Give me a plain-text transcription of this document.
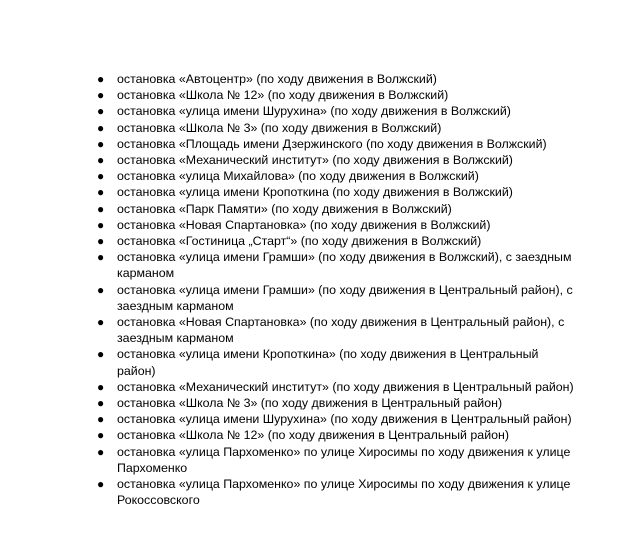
● остановка «Автоцентр» (по ходу движения в Волжский)
● остановка «Школа № 12» (по ходу движения в Волжский)
● остановка «улица имени Шурухина» (по ходу движения в Волжский)
● остановка «Школа № 3» (по ходу движения в Волжский)
● остановка «Площадь имени Дзержинского (по ходу движения в Волжский)
● остановка «Механический институт» (по ходу движения в Волжский)
● остановка «улица Михайлова» (по ходу движения в Волжский)
● остановка «улица имени Кропоткина (по ходу движения в Волжский)
● остановка «Парк Памяти» (по ходу движения в Волжский)
● остановка «Новая Спартановка» (по ходу движения в Волжский)
● остановка «Гостиница „Старт“» (по ходу движения в Волжский)
● остановка «улица имени Грамши» (по ходу движения в Волжский), с заездным карманом
● остановка «улица имени Грамши» (по ходу движения в Центральный район), с заездным карманом
● остановка «Новая Спартановка» (по ходу движения в Центральный район), с заездным карманом
● остановка «улица имени Кропоткина» (по ходу движения в Центральный район)
● остановка «Механический институт» (по ходу движения в Центральный район)
● остановка «Школа № 3» (по ходу движения в Центральный район)
● остановка «улица имени Шурухина» (по ходу движения в Центральный район)
● остановка «Школа № 12» (по ходу движения в Центральный район)
● остановка «улица Пархоменко» по улице Хиросимы по ходу движения к улице Пархоменко
● остановка «улица Пархоменко» по улице Хиросимы по ходу движения к улице Рокоссовского
